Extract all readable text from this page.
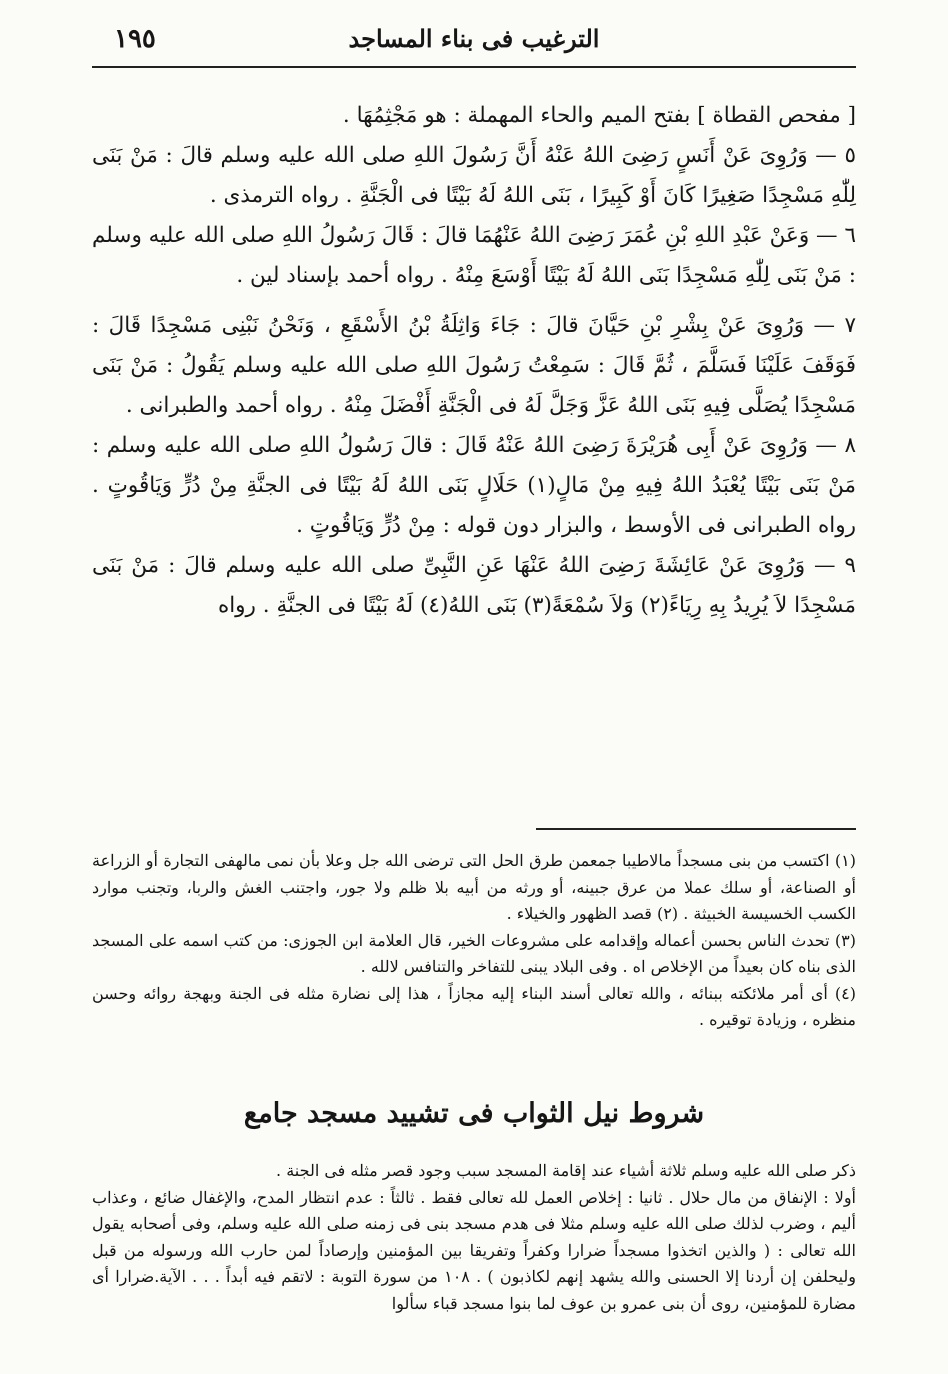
١٩٥	الترغيب فى بناء المساجد

[ مفحص القطاة ] بفتح الميم والحاء المهملة : هو مَجْثِمُهَا .

٥ — وَرُوِىَ عَنْ أَنَسٍ رَضِىَ اللهُ عَنْهُ أَنَّ رَسُولَ اللهِ صلى الله عليه وسلم قالَ : مَنْ بَنَى لِلّٰهِ مَسْجِدًا صَغِيرًا كَانَ أَوْ كَبِيرًا ، بَنَى اللهُ لَهُ بَيْتًا فى الْجَنَّةِ . رواه الترمذى .

٦ — وَعَنْ عَبْدِ اللهِ بْنِ عُمَرَ رَضِىَ اللهُ عَنْهُمَا قالَ : قَالَ رَسُولُ اللهِ صلى الله عليه وسلم : مَنْ بَنَى لِلّٰهِ مَسْجِدًا بَنَى اللهُ لَهُ بَيْتًا أَوْسَعَ مِنْهُ . رواه أحمد بإسناد لين .

٧ — وَرُوِىَ عَنْ بِشْرِ بْنِ حَيَّانَ قالَ : جَاءَ وَاثِلَةُ بْنُ الأَسْقَعِ ، وَنَحْنُ نَبْنِى مَسْجِدًا قَالَ : فَوَقَفَ عَلَيْنَا فَسَلَّمَ ، ثُمَّ قَالَ : سَمِعْتُ رَسُولَ اللهِ صلى الله عليه وسلم يَقُولُ : مَنْ بَنَى مَسْجِدًا يُصَلَّى فِيهِ بَنَى اللهُ عَزَّ وَجَلَّ لَهُ فى الْجَنَّةِ أَفْضَلَ مِنْهُ . رواه أحمد والطبرانى .

٨ — وَرُوِىَ عَنْ أَبِى هُرَيْرَةَ رَضِىَ اللهُ عَنْهُ قَالَ : قالَ رَسُولُ اللهِ صلى الله عليه وسلم : مَنْ بَنَى بَيْتًا يُعْبَدُ اللهُ فِيهِ مِنْ مَالٍ(١) حَلَالٍ بَنَى اللهُ لَهُ بَيْتًا فى الجنَّةِ مِنْ دُرٍّ وَيَاقُوتٍ . رواه الطبرانى فى الأوسط ، والبزار دون قوله : مِنْ دُرٍّ وَيَاقُوتٍ .

٩ — وَرُوِىَ عَنْ عَائِشَةَ رَضِىَ اللهُ عَنْهَا عَنِ النَّبِىِّ صلى الله عليه وسلم قالَ : مَنْ بَنَى مَسْجِدًا لاَ يُرِيدُ بِهِ رِيَاءً(٢) وَلاَ سُمْعَةً(٣) بَنَى اللهُ(٤) لَهُ بَيْتًا فى الجنَّةِ . رواه

(١) اكتسب من بنى مسجداً مالاطيبا جمعمن طرق الحل التى ترضى الله جل وعلا بأن نمى مالهفى التجارة أو الزراعة أو الصناعة، أو سلك عملا من عرق جبينه، أو ورثه من أبيه بلا ظلم ولا جور، واجتنب الغش والربا، وتجنب موارد الكسب الخسيسة الخبيثة . (٢) قصد الظهور والخيلاء .

(٣) تحدث الناس بحسن أعماله وإقدامه على مشروعات الخير، قال العلامة ابن الجوزى: من كتب اسمه على المسجد الذى بناه كان بعيداً من الإخلاص اه . وفى البلاد يبنى للتفاخر والتنافس لالله .

(٤) أى أمر ملائكته ببنائه ، والله تعالى أسند البناء إليه مجازاً ، هذا إلى نضارة مثله فى الجنة وبهجة روائه وحسن منظره ، وزيادة توقيره .

شروط نيل الثواب فى تشييد مسجد جامع

ذكر صلى الله عليه وسلم ثلاثة أشياء عند إقامة المسجد سبب وجود قصر مثله فى الجنة .

أولا : الإنفاق من مال حلال . ثانيا : إخلاص العمل لله تعالى فقط . ثالثاً : عدم انتظار المدح، والإغفال ضائع ، وعذاب أليم ، وضرب لذلك صلى الله عليه وسلم مثلا فى هدم مسجد بنى فى زمنه صلى الله عليه وسلم، وفى أصحابه يقول الله تعالى : ( والذين اتخذوا مسجداً ضرارا وكفراً وتفريقا بين المؤمنين وإرصاداً لمن حارب الله ورسوله من قبل وليحلفن إن أردنا إلا الحسنى والله يشهد إنهم لكاذبون ) . ١٠٨ من سورة التوبة : لاتقم فيه أبداً . . . الآية.ضرارا أى مضارة للمؤمنين، روى أن بنى عمرو بن عوف لما بنوا مسجد قباء سألوا
